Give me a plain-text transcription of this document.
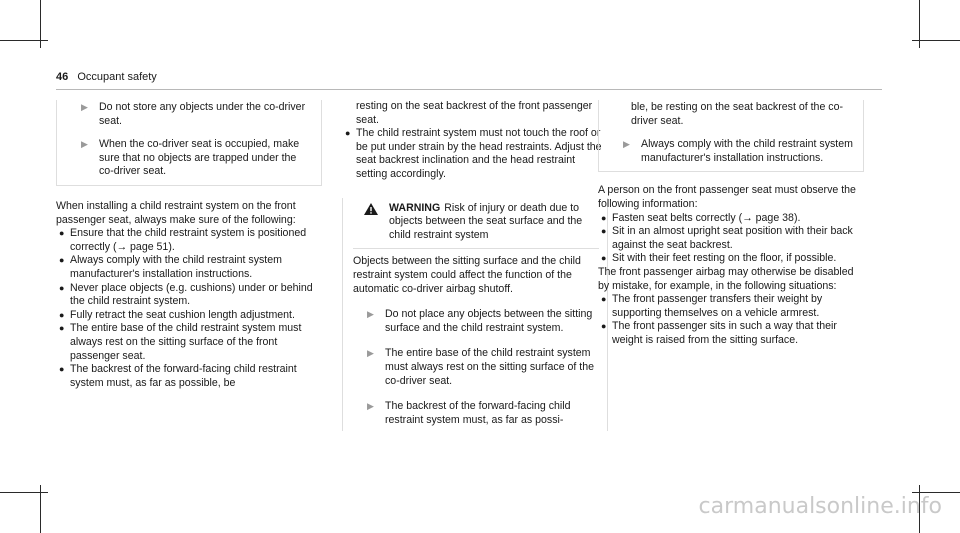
46 Occupant safety

▶ Do not store any objects under the co-driver seat.

▶ When the co-driver seat is occupied, make sure that no objects are trapped under the co-driver seat.

When installing a child restraint system on the front passenger seat, always make sure of the following:

● Ensure that the child restraint system is positioned correctly (→ page 51).

● Always comply with the child restraint system manufacturer's installation instructions.

● Never place objects (e.g. cushions) under or behind the child restraint system.

● Fully retract the seat cushion length adjustment.

● The entire base of the child restraint system must always rest on the sitting surface of the front passenger seat.

● The backrest of the forward-facing child restraint system must, as far as possible, be

resting on the seat backrest of the front passenger seat.

● The child restraint system must not touch the roof or be put under strain by the head restraints. Adjust the seat backrest inclination and the head restraint setting accordingly.

WARNING Risk of injury or death due to objects between the seat surface and the child restraint system

Objects between the sitting surface and the child restraint system could affect the function of the automatic co-driver airbag shutoff.

▶ Do not place any objects between the sitting surface and the child restraint system.

▶ The entire base of the child restraint system must always rest on the sitting surface of the co-driver seat.

▶ The backrest of the forward-facing child restraint system must, as far as possi-

ble, be resting on the seat backrest of the co-driver seat.

▶ Always comply with the child restraint system manufacturer's installation instructions.

A person on the front passenger seat must observe the following information:

● Fasten seat belts correctly (→ page 38).

● Sit in an almost upright seat position with their back against the seat backrest.

● Sit with their feet resting on the floor, if possible.

The front passenger airbag may otherwise be disabled by mistake, for example, in the following situations:

● The front passenger transfers their weight by supporting themselves on a vehicle armrest.

● The front passenger sits in such a way that their weight is raised from the sitting surface.

carmanualsonline.info
